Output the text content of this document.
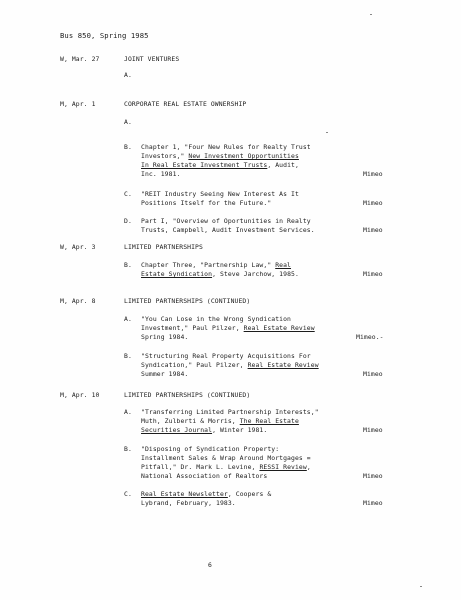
Bus 850, Spring 1985
W, Mar. 27	JOINT VENTURES
A.
M, Apr. 1	CORPORATE REAL ESTATE OWNERSHIP
A.
B. Chapter 1, "Four New Rules for Realty Trust
Investors," New Investment Opportunities
In Real Estate Investment Trusts, Audit,
Inc. 1981.	Mimeo
C. "REIT Industry Seeing New Interest As It
Positions Itself for the Future."	Mimeo
D. Part I, "Overview of Oportunities in Realty
Trusts, Campbell, Audit Investment Services.	Mimeo
W, Apr. 3	LIMITED PARTNERSHIPS
B. Chapter Three, "Partnership Law," Real
Estate Syndication, Steve Jarchow, 1985.	Mimeo
M, Apr. 8	LIMITED PARTNERSHIPS (CONTINUED)
A. "You Can Lose in the Wrong Syndication
Investment," Paul Pilzer, Real Estate Review
Spring 1984.	Mimeo.-
B. "Structuring Real Property Acquisitions For
Syndication," Paul Pilzer, Real Estate Review
Summer 1984.	Mimeo
M, Apr. 10	LIMITED PARTNERSHIPS (CONTINUED)
A. "Transferring Limited Partnership Interests,"
Muth, Zulberti & Morris, The Real Estate
Securities Journal, Winter 1981.	Mimeo
B. "Disposing of Syndication Property:
Installment Sales & Wrap Around Mortgages =
Pitfall," Dr. Mark L. Levine, RESSI Review,
National Association of Realtors	Mimeo
C. Real Estate Newsletter, Coopers &
Lybrand, February, 1983.	Mimeo
6
